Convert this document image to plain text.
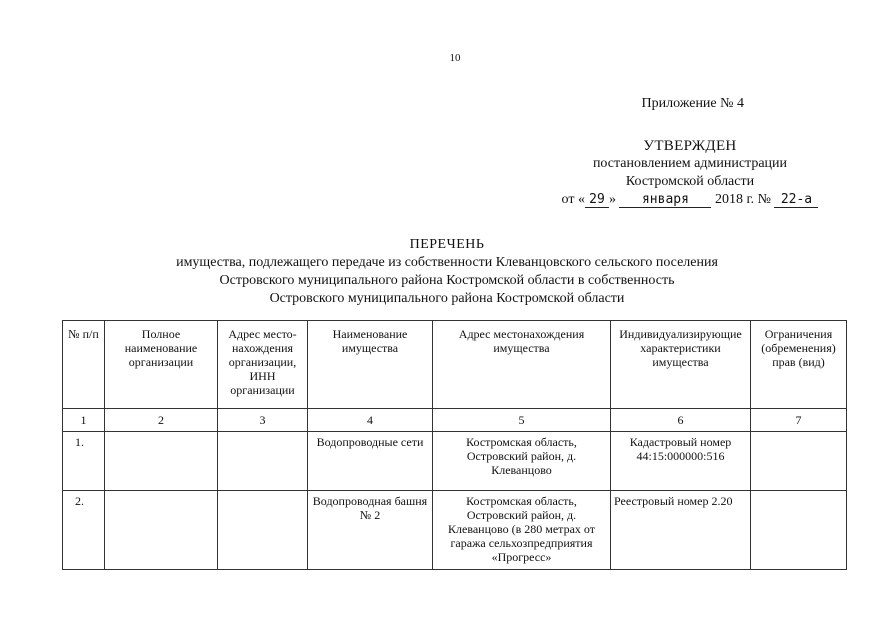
10
Приложение № 4
УТВЕРЖДЕН
постановлением администрации
Костромской области
от « 29 » января 2018 г. № 22-а
ПЕРЕЧЕНЬ
имущества, подлежащего передаче из собственности Клеванцовского сельского поселения
Островского муниципального района Костромской области в собственность
Островского муниципального района Костромской области
№ п/п	Полное наименование организации	Адрес место-нахождения организации, ИНН организации	Наименование имущества	Адрес местонахождения имущества	Индивидуализирующие характеристики имущества	Ограничения (обременения) прав (вид)
1	2	3	4	5	6	7
1.			Водопроводные сети	Костромская область, Островский район, д. Клеванцово	Кадастровый номер 44:15:000000:516	
2.			Водопроводная башня № 2	Костромская область, Островский район, д. Клеванцово (в 280 метрах от гаража сельхозпредприятия «Прогресс»	Реестровый номер 2.20	
